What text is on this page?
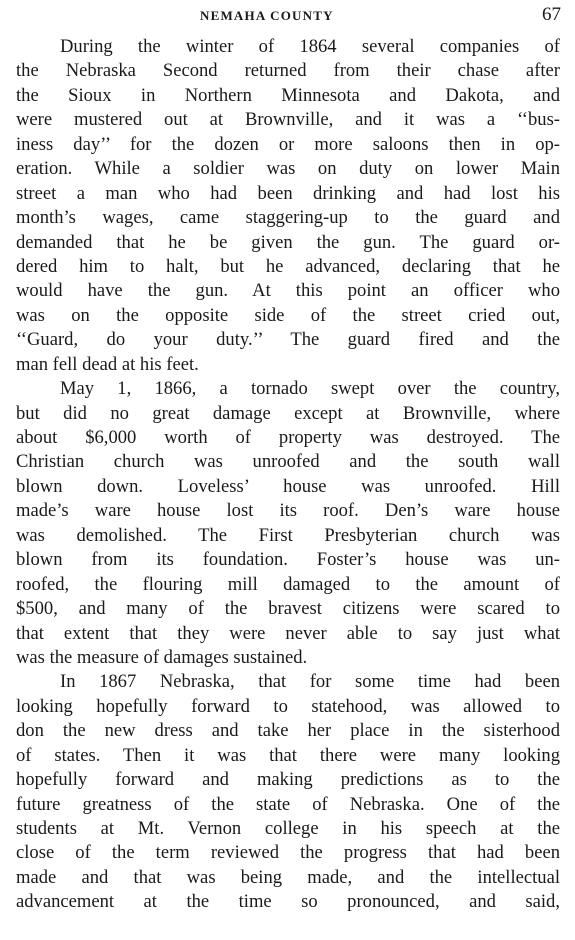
NEMAHA COUNTY	67
During the winter of 1864 several companies of
the Nebraska Second returned from their chase after
the Sioux in Northern Minnesota and Dakota, and
were mustered out at Brownville, and it was a ‘‘bus-
iness day’’ for the dozen or more saloons then in op-
eration. While a soldier was on duty on lower Main
street a man who had been drinking and had lost his
month’s wages, came staggering-up to the guard and
demanded that he be given the gun. The guard or-
dered him to halt, but he advanced, declaring that he
would have the gun. At this point an officer who
was on the opposite side of the street cried out,
‘‘Guard, do your duty.’’ The guard fired and the
man fell dead at his feet.
May 1, 1866, a tornado swept over the country,
but did no great damage except at Brownville, where
about $6,000 worth of property was destroyed. The
Christian church was unroofed and the south wall
blown down. Loveless’ house was unroofed. Hill
made’s ware house lost its roof. Den’s ware house
was demolished. The First Presbyterian church was
blown from its foundation. Foster’s house was un-
roofed, the flouring mill damaged to the amount of
$500, and many of the bravest citizens were scared to
that extent that they were never able to say just what
was the measure of damages sustained.
In 1867 Nebraska, that for some time had been
looking hopefully forward to statehood, was allowed to
don the new dress and take her place in the sisterhood
of states. Then it was that there were many looking
hopefully forward and making predictions as to the
future greatness of the state of Nebraska. One of the
students at Mt. Vernon college in his speech at the
close of the term reviewed the progress that had been
made and that was being made, and the intellectual
advancement at the time so pronounced, and said,
